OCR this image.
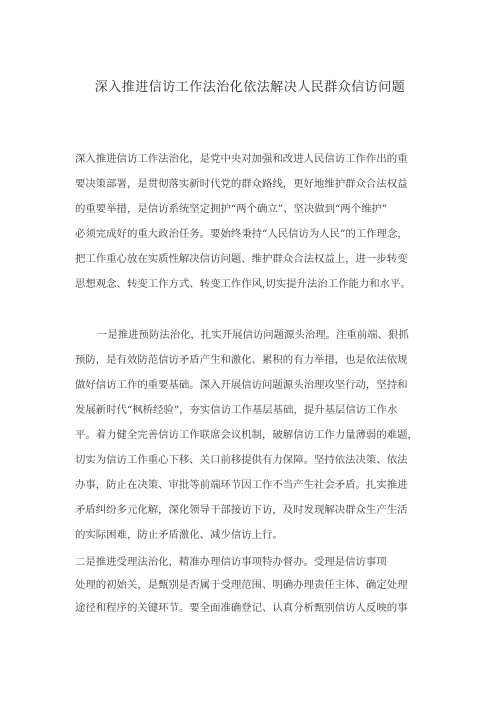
深入推进信访工作法治化依法解决人民群众信访问题
深入推进信访工作法治化，是党中央对加强和改进人民信访工作作出的重
要决策部署，是贯彻落实新时代党的群众路线，更好地维护群众合法权益
的重要举措，是信访系统坚定拥护“两个确立”、坚决做到“两个维护”
必须完成好的重大政治任务。要始终秉持“人民信访为人民”的工作理念，
把工作重心放在实质性解决信访问题、维护群众合法权益上，进一步转变
思想观念、转变工作方式、转变工作作风,切实提升法治工作能力和水平。
一是推进预防法治化，扎实开展信访问题源头治理。注重前端、狠抓
预防，是有效防范信访矛盾产生和激化、累积的有力举措，也是依法依规
做好信访工作的重要基础。深入开展信访问题源头治理攻坚行动，坚持和
发展新时代“枫桥经验”，夯实信访工作基层基础，提升基层信访工作水
平。着力健全完善信访工作联席会议机制，破解信访工作力量薄弱的难题，
切实为信访工作重心下移、关口前移提供有力保障。坚持依法决策、依法
办事，防止在决策、审批等前端环节因工作不当产生社会矛盾。扎实推进
矛盾纠纷多元化解，深化领导干部接访下访，及时发现解决群众生产生活
的实际困难，防止矛盾激化、减少信访上行。
二是推进受理法治化，精准办理信访事项特办督办。受理是信访事项
处理的初始关，是甄别是否属于受理范围、明确办理责任主体、确定处理
途径和程序的关键环节。要全面准确登记、认真分析甄别信访人反映的事
